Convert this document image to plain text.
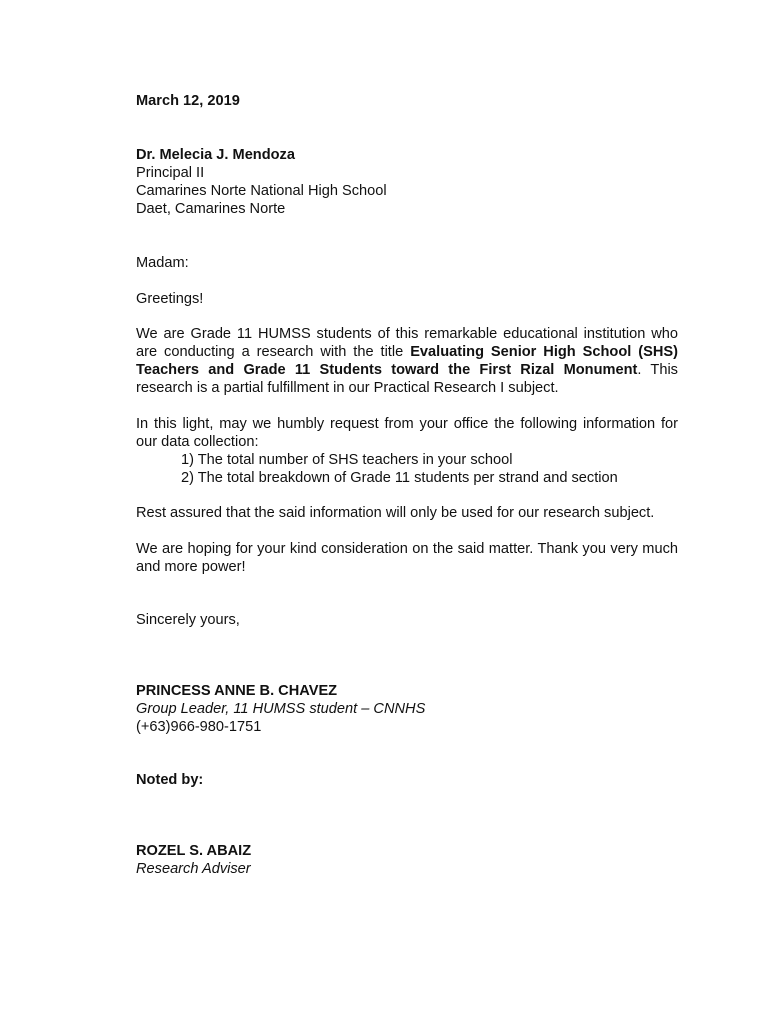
March 12, 2019
Dr. Melecia J. Mendoza
Principal II
Camarines Norte National High School
Daet, Camarines Norte
Madam:
Greetings!
We are Grade 11 HUMSS students of this remarkable educational institution who are conducting a research with the title Evaluating Senior High School (SHS) Teachers and Grade 11 Students toward the First Rizal Monument. This research is a partial fulfillment in our Practical Research I subject.
In this light, may we humbly request from your office the following information for our data collection:
1) The total number of SHS teachers in your school
2) The total breakdown of Grade 11 students per strand and section
Rest assured that the said information will only be used for our research subject.
We are hoping for your kind consideration on the said matter. Thank you very much and more power!
Sincerely yours,
PRINCESS ANNE B. CHAVEZ
Group Leader, 11 HUMSS student – CNNHS
(+63)966-980-1751
Noted by:
ROZEL S. ABAIZ
Research Adviser
